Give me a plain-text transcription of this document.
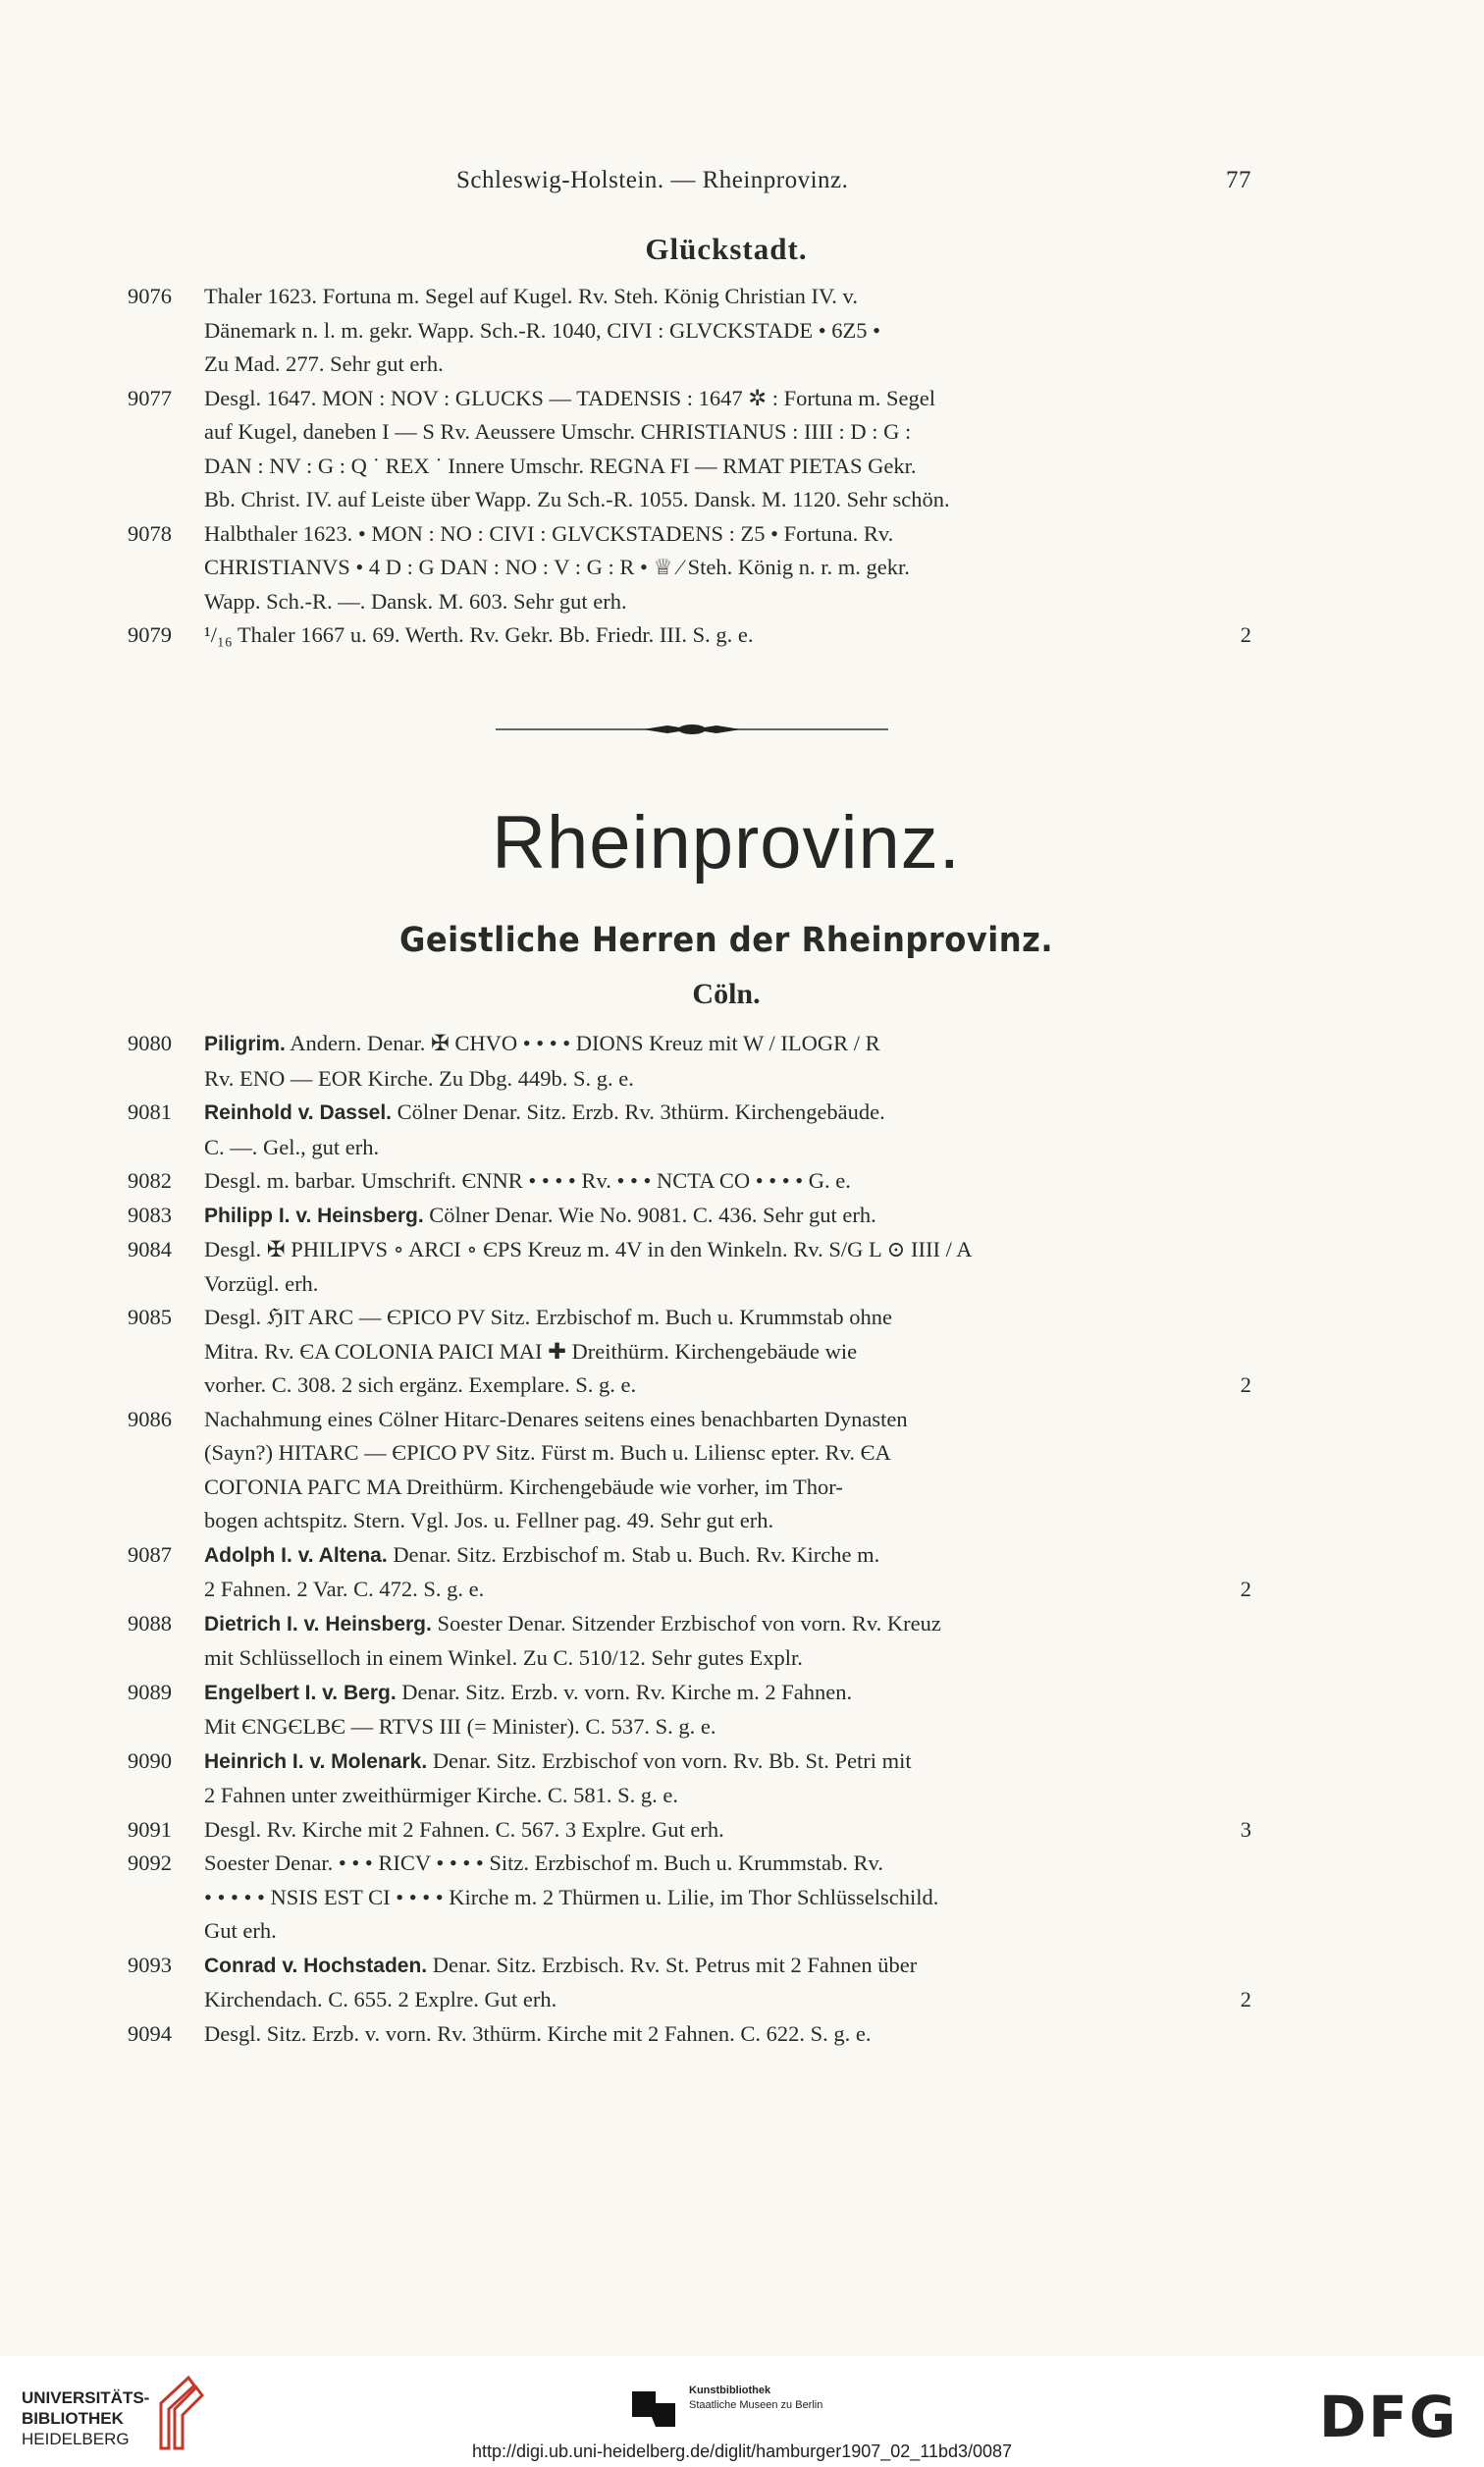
Schleswig-Holstein. — Rheinprovinz.	77
Glückstadt.
9076	Thaler 1623. Fortuna m. Segel auf Kugel. Rv. Steh. König Christian IV. v.
Dänemark n. l. m. gekr. Wapp. Sch.-R. 1040, CIVI : GLVCKSTADE • 6Z5 •
Zu Mad. 277. Sehr gut erh.
9077	Desgl. 1647. MON : NOV : GLUCKS — TADENSIS : 1647 ✲ : Fortuna m. Segel
auf Kugel, daneben I — S Rv. Aeussere Umschr. CHRISTIANUS : IIII : D : G :
DAN : NV : G : Q ˙ REX ˙ Innere Umschr. REGNA FI — RMAT PIETAS Gekr.
Bb. Christ. IV. auf Leiste über Wapp. Zu Sch.-R. 1055. Dansk. M. 1120. Sehr schön.
9078	Halbthaler 1623. • MON : NO : CIVI : GLVCKSTADENS : Z5 • Fortuna. Rv.
CHRISTIANVS • 4 D : G DAN : NO : V : G : R • ♕ ⁄ Steh. König n. r. m. gekr.
Wapp. Sch.-R. —. Dansk. M. 603. Sehr gut erh.
9079	¹/₁₆ Thaler 1667 u. 69. Werth. Rv. Gekr. Bb. Friedr. III. S. g. e.	2
Rheinprovinz.
Geistliche Herren der Rheinprovinz.
Cöln.
9080	Piligrim. Andern. Denar. ✠ CHVO • • • • DIONS Kreuz mit W / ILOGR / R
Rv. ENO — EOR Kirche. Zu Dbg. 449b. S. g. e.
9081	Reinhold v. Dassel. Cölner Denar. Sitz. Erzb. Rv. 3thürm. Kirchengebäude.
C. —. Gel., gut erh.
9082	Desgl. m. barbar. Umschrift. ЄNNR • • • • Rv. • • • NCTA CO • • • • G. e.
9083	Philipp I. v. Heinsberg. Cölner Denar. Wie No. 9081. C. 436. Sehr gut erh.
9084	Desgl. ✠ PHILIPVS ∘ ARCI ∘ ЄPS Kreuz m. 4V in den Winkeln. Rv. S/G L ⊙ IIII / A
Vorzügl. erh.
9085	Desgl. ℌIT ARC — ЄPICO PV Sitz. Erzbischof m. Buch u. Krummstab ohne
Mitra. Rv. ЄA COLONIA PAICI MAI ✚ Dreithürm. Kirchengebäude wie
vorher. C. 308. 2 sich ergänz. Exemplare. S. g. e.	2
9086	Nachahmung eines Cölner Hitarc-Denares seitens eines benachbarten Dynasten
(Sayn?) HITARC — ЄPICO PV Sitz. Fürst m. Buch u. Liliensc epter. Rv. ЄA
COΓONIA PAΓC MA Dreithürm. Kirchengebäude wie vorher, im Thor-
bogen achtspitz. Stern. Vgl. Jos. u. Fellner pag. 49. Sehr gut erh.
9087	Adolph I. v. Altena. Denar. Sitz. Erzbischof m. Stab u. Buch. Rv. Kirche m.
2 Fahnen. 2 Var. C. 472. S. g. e.	2
9088	Dietrich I. v. Heinsberg. Soester Denar. Sitzender Erzbischof von vorn. Rv. Kreuz
mit Schlüsselloch in einem Winkel. Zu C. 510/12. Sehr gutes Explr.
9089	Engelbert I. v. Berg. Denar. Sitz. Erzb. v. vorn. Rv. Kirche m. 2 Fahnen.
Mit ЄNGЄLBЄ — RTVS III (= Minister). C. 537. S. g. e.
9090	Heinrich I. v. Molenark. Denar. Sitz. Erzbischof von vorn. Rv. Bb. St. Petri mit
2 Fahnen unter zweithürmiger Kirche. C. 581. S. g. e.
9091	Desgl. Rv. Kirche mit 2 Fahnen. C. 567. 3 Explre. Gut erh.	3
9092	Soester Denar. • • • RICV • • • • Sitz. Erzbischof m. Buch u. Krummstab. Rv.
• • • • • NSIS EST CI • • • • Kirche m. 2 Thürmen u. Lilie, im Thor Schlüsselschild.
Gut erh.
9093	Conrad v. Hochstaden. Denar. Sitz. Erzbisch. Rv. St. Petrus mit 2 Fahnen über
Kirchendach. C. 655. 2 Explre. Gut erh.	2
9094	Desgl. Sitz. Erzb. v. vorn. Rv. 3thürm. Kirche mit 2 Fahnen. C. 622. S. g. e.
UNIVERSITÄTS-
BIBLIOTHEK
HEIDELBERG
Kunstbibliothek
Staatliche Museen zu Berlin	DFG
http://digi.ub.uni-heidelberg.de/diglit/hamburger1907_02_11bd3/0087
